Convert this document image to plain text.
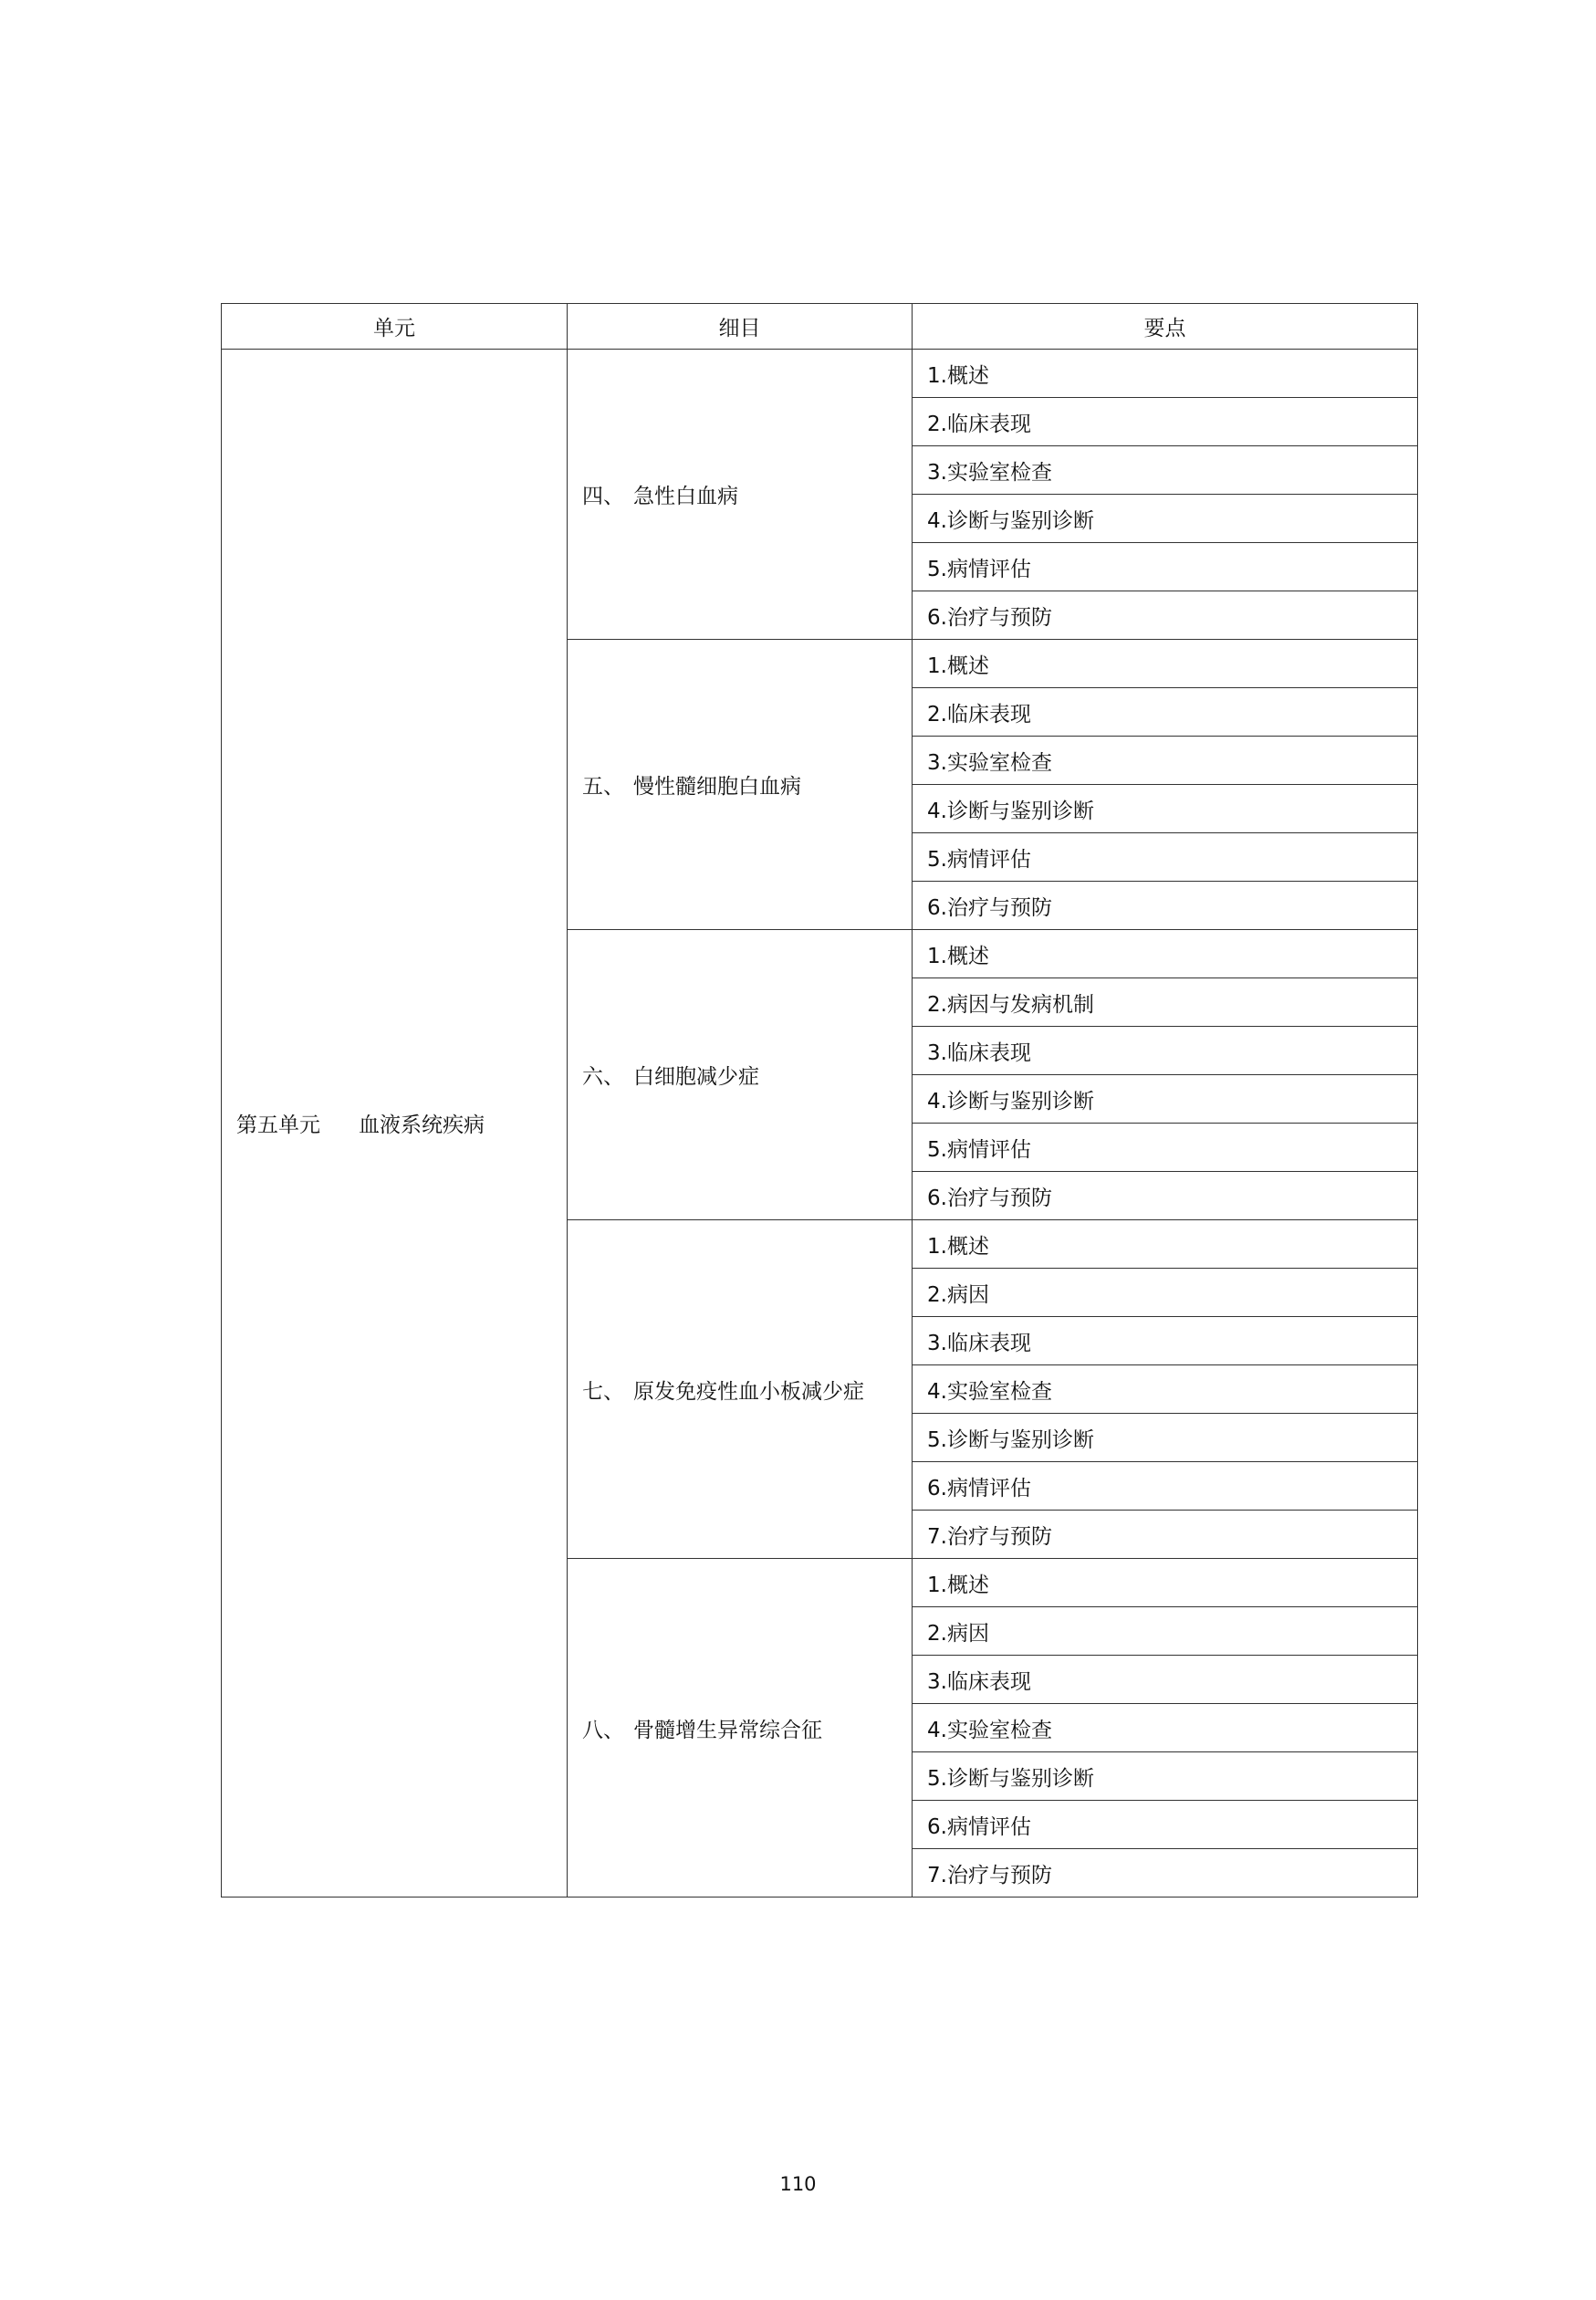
单元	细目	要点
第五单元 血液系统疾病	四、 急性白血病	1.概述
		2.临床表现
		3.实验室检查
		4.诊断与鉴别诊断
		5.病情评估
		6.治疗与预防
	五、 慢性髓细胞白血病	1.概述
		2.临床表现
		3.实验室检查
		4.诊断与鉴别诊断
		5.病情评估
		6.治疗与预防
	六、 白细胞减少症	1.概述
		2.病因与发病机制
		3.临床表现
		4.诊断与鉴别诊断
		5.病情评估
		6.治疗与预防
	七、 原发免疫性血小板减少症	1.概述
		2.病因
		3.临床表现
		4.实验室检查
		5.诊断与鉴别诊断
		6.病情评估
		7.治疗与预防
	八、 骨髓增生异常综合征	1.概述
		2.病因
		3.临床表现
		4.实验室检查
		5.诊断与鉴别诊断
		6.病情评估
		7.治疗与预防
110
